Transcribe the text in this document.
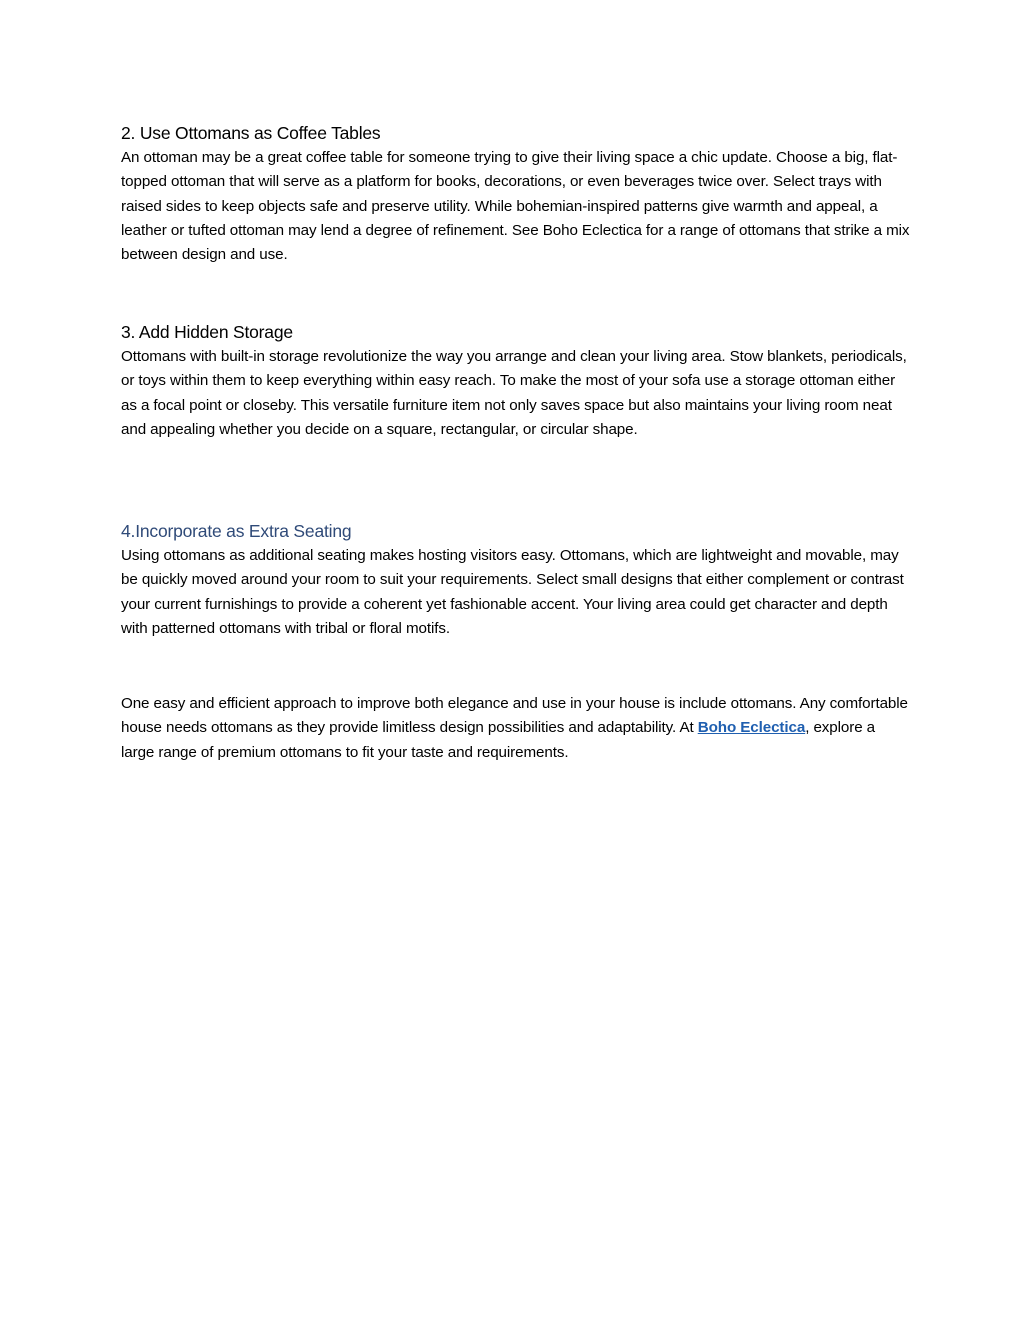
2. Use Ottomans as Coffee Tables

An ottoman may be a great coffee table for someone trying to give their living space a chic update. Choose a big, flat-topped ottoman that will serve as a platform for books, decorations, or even beverages twice over. Select trays with raised sides to keep objects safe and preserve utility. While bohemian-inspired patterns give warmth and appeal, a leather or tufted ottoman may lend a degree of refinement. See Boho Eclectica for a range of ottomans that strike a mix between design and use.

3. Add Hidden Storage

Ottomans with built-in storage revolutionize the way you arrange and clean your living area. Stow blankets, periodicals, or toys within them to keep everything within easy reach. To make the most of your sofa use a storage ottoman either as a focal point or closeby. This versatile furniture item not only saves space but also maintains your living room neat and appealing whether you decide on a square, rectangular, or circular shape.

4.Incorporate as Extra Seating

Using ottomans as additional seating makes hosting visitors easy. Ottomans, which are lightweight and movable, may be quickly moved around your room to suit your requirements. Select small designs that either complement or contrast your current furnishings to provide a coherent yet fashionable accent. Your living area could get character and depth with patterned ottomans with tribal or floral motifs.

One easy and efficient approach to improve both elegance and use in your house is include ottomans. Any comfortable house needs ottomans as they provide limitless design possibilities and adaptability. At Boho Eclectica, explore a large range of premium ottomans to fit your taste and requirements.
